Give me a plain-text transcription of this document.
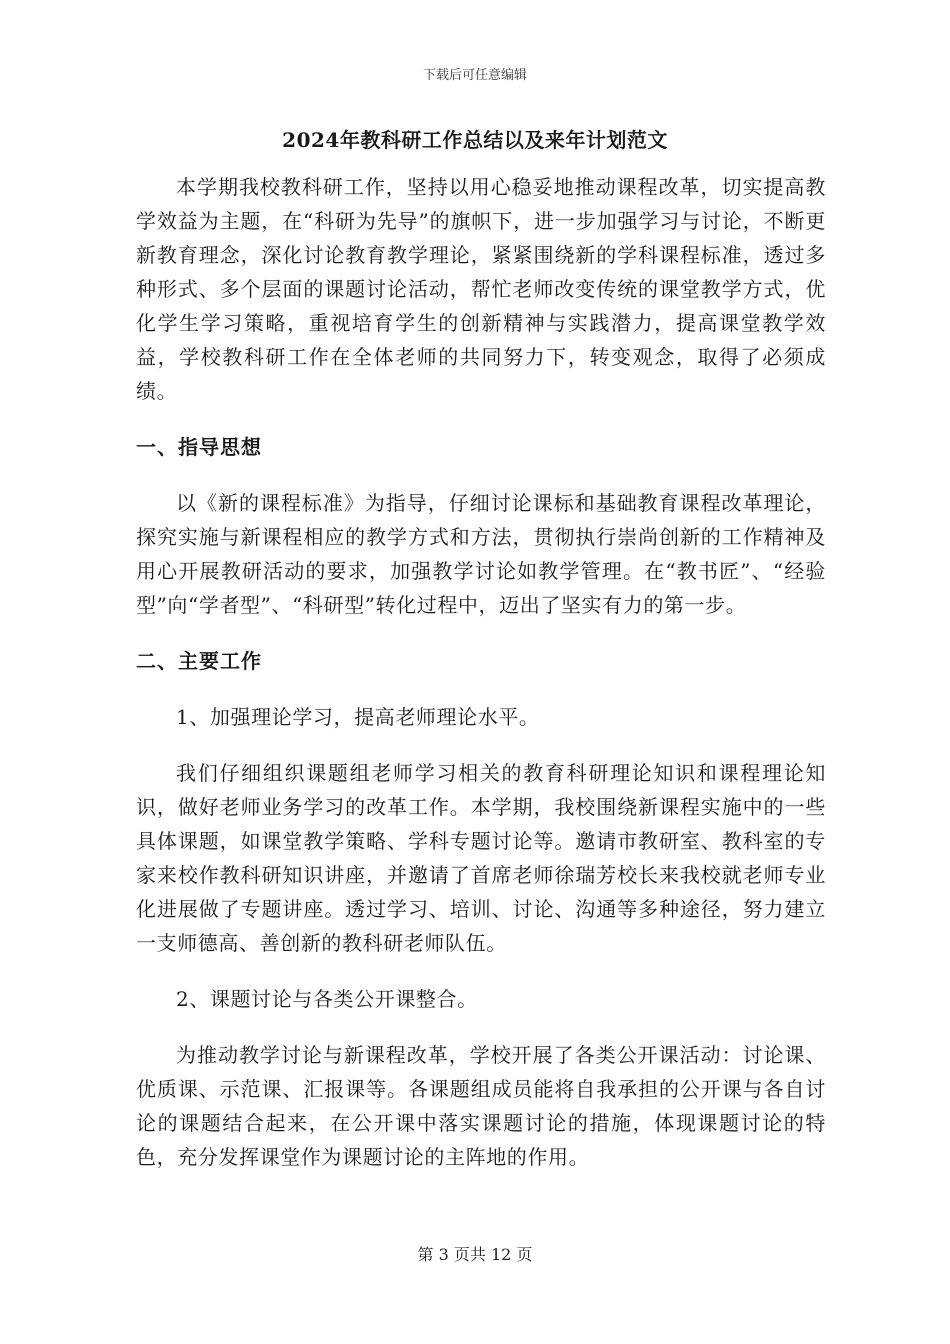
下载后可任意编辑
2024年教科研工作总结以及来年计划范文

本学期我校教科研工作，坚持以用心稳妥地推动课程改革，切实提高教学效益为主题，在“科研为先导”的旗帜下，进一步加强学习与讨论，不断更新教育理念，深化讨论教育教学理论，紧紧围绕新的学科课程标准，透过多种形式、多个层面的课题讨论活动，帮忙老师改变传统的课堂教学方式，优化学生学习策略，重视培育学生的创新精神与实践潜力，提高课堂教学效益，学校教科研工作在全体老师的共同努力下，转变观念，取得了必须成绩。

一、指导思想

以《新的课程标准》为指导，仔细讨论课标和基础教育课程改革理论，探究实施与新课程相应的教学方式和方法，贯彻执行崇尚创新的工作精神及用心开展教研活动的要求，加强教学讨论如教学管理。在“教书匠”、“经验型”向“学者型”、“科研型”转化过程中，迈出了坚实有力的第一步。

二、主要工作

1、加强理论学习，提高老师理论水平。

我们仔细组织课题组老师学习相关的教育科研理论知识和课程理论知识，做好老师业务学习的改革工作。本学期，我校围绕新课程实施中的一些具体课题，如课堂教学策略、学科专题讨论等。邀请市教研室、教科室的专家来校作教科研知识讲座，并邀请了首席老师徐瑞芳校长来我校就老师专业化进展做了专题讲座。透过学习、培训、讨论、沟通等多种途径，努力建立一支师德高、善创新的教科研老师队伍。

2、课题讨论与各类公开课整合。

为推动教学讨论与新课程改革，学校开展了各类公开课活动：讨论课、优质课、示范课、汇报课等。各课题组成员能将自我承担的公开课与各自讨论的课题结合起来，在公开课中落实课题讨论的措施，体现课题讨论的特色，充分发挥课堂作为课题讨论的主阵地的作用。

第 3 页共 12 页
